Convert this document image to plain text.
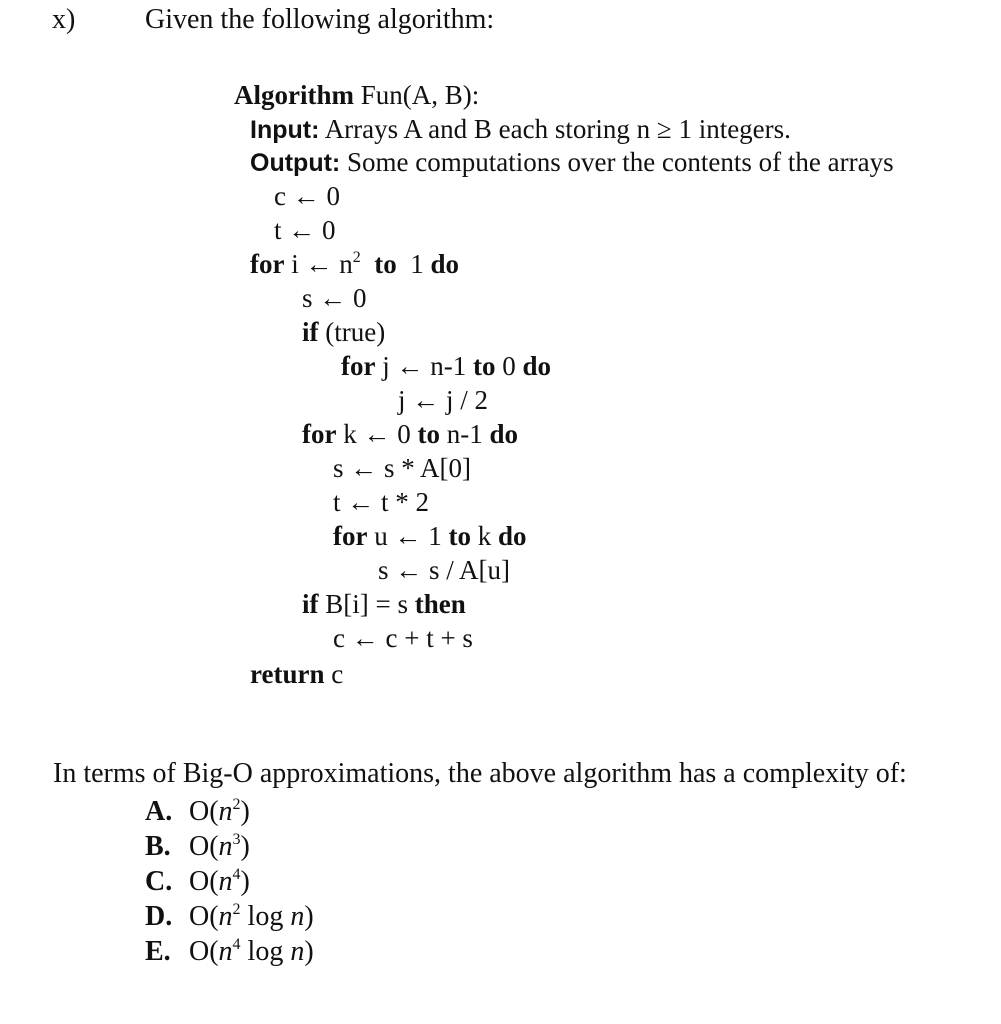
x) Given the following algorithm:
Algorithm Fun(A, B):
Input: Arrays A and B each storing n ≥ 1 integers.
Output: Some computations over the contents of the arrays
c ← 0
t ← 0
for i ← $n^2$ to 1 do
s ← 0
if (true)
for j ← n-1 to 0 do
j ← j / 2
for k ← 0 to n-1 do
s ← s * A[0]
t ← t * 2
for u ← 1 to k do
s ← s / A[u]
if B[i] = s then
c ← c + t + s
return c
In terms of Big-O approximations, the above algorithm has a complexity of:
A. $O(n^2)$
B. $O(n^3)$
C. $O(n^4)$
D. $O(n^2$ log n)
E. $O(n^4$ log n)
